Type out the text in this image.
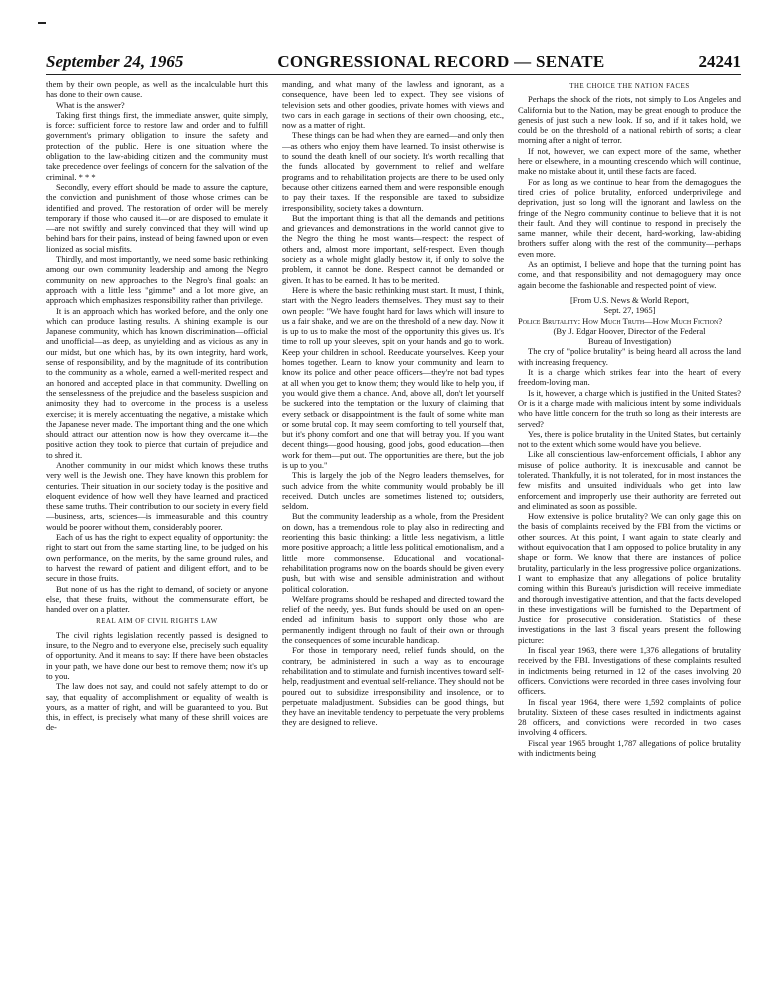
September 24, 1965	CONGRESSIONAL RECORD — SENATE	24241

them by their own people, as well as the incalculable hurt this has done to their own cause.

What is the answer?

Taking first things first, the immediate answer, quite simply, is force: sufficient force to restore law and order and to fulfill government's primary obligation to insure the safety and protection of the public. Here is one situation where the obligation to the law-abiding citizen and the community must take precedence over feelings of concern for the salvation of the criminal. * * *

Secondly, every effort should be made to assure the capture, the conviction and punishment of those whose crimes can be identified and proved. The restoration of order will be merely temporary if those who caused it—or are disposed to emulate it—are not swiftly and surely convinced that they will wind up behind bars for their pains, instead of being fawned upon or even lionized as social misfits.

Thirdly, and most importantly, we need some basic rethinking among our own community leadership and among the Negro community on new approaches to the Negro's final goals: an approach with a little less "gimme" and a lot more give, an approach which emphasizes responsibility rather than privilege.

It is an approach which has worked before, and the only one which can produce lasting results. A shining example is our Japanese community, which has known discrimination—official and unofficial—as deep, as unyielding and as vicious as any in our midst, but one which has, by its own integrity, hard work, sense of responsibility, and by the magnitude of its contribution to the community as a whole, earned a well-merited respect and an honored and accepted place in that community. Dwelling on the senselessness of the prejudice and the baseless suspicion and animosity they had to overcome in the process is a useless exercise; it is merely accentuating the negative, a mistake which the Japanese never made. The important thing and the one which should attract our attention now is how they overcame it—the positive action they took to pierce that curtain of prejudice and to shred it.

Another community in our midst which knows these truths very well is the Jewish one. They have known this problem for centuries. Their situation in our society today is the positive and eloquent evidence of how well they have learned and practiced these same truths. Their contribution to our society in every field—business, arts, sciences—is immeasurable and this country would be poorer without them, considerably poorer.

Each of us has the right to expect equality of opportunity: the right to start out from the same starting line, to be judged on his own performance, on the merits, by the same ground rules, and to harvest the reward of patient and diligent effort, and to be secure in those fruits.

But none of us has the right to demand, of society or anyone else, that these fruits, without the commensurate effort, be handed over on a platter.

REAL AIM OF CIVIL RIGHTS LAW

The civil rights legislation recently passed is designed to insure, to the Negro and to everyone else, precisely such equality of opportunity. And it means to say: If there have been obstacles in your path, we have done our best to remove them; now it's up to you.

The law does not say, and could not safely attempt to do or say, that equality of accomplishment or equality of wealth is yours, as a matter of right, and will be guaranteed to you. But this, in effect, is precisely what many of these shrill voices are de-

manding, and what many of the lawless and ignorant, as a consequence, have been led to expect. They see visions of television sets and other goodies, private homes with views and two cars in each garage in sections of their own choosing, etc., now as a matter of right.

These things can be had when they are earned—and only then—as others who enjoy them have learned. To insist otherwise is to sound the death knell of our society. It's worth recalling that the funds allocated by government to relief and welfare programs and to rehabilitation projects are there to be used only because other citizens earned them and were responsible enough to pay their taxes. If the responsible are taxed to subsidize irresponsibility, society takes a downturn.

But the important thing is that all the demands and petitions and grievances and demonstrations in the world cannot give to the Negro the thing he most wants—respect: the respect of others and, almost more important, self-respect. Even though society as a whole might gladly bestow it, if only to solve the problem, it cannot be done. Respect cannot be demanded or given. It has to be earned. It has to be merited.

Here is where the basic rethinking must start. It must, I think, start with the Negro leaders themselves. They must say to their own people: "We have fought hard for laws which will insure to us a fair shake, and we are on the threshold of a new day. Now it is up to us to make the most of the opportunity this gives us. It's time to roll up your sleeves, spit on your hands and go to work. Keep your children in school. Reeducate yourselves. Keep your homes together. Learn to know your community and learn to know its police and other peace officers—they're not bad types at all when you get to know them; they would like to help you, if you would give them a chance. And, above all, don't let yourself be suckered into the temptation or the luxury of claiming that every setback or disappointment is the fault of some white man or some brutal cop. It may seem comforting to tell yourself that, but it's phony comfort and one that will betray you. If you want decent things—good housing, good jobs, good education—then work for them—put out. The opportunities are there, but the job is up to you."

This is largely the job of the Negro leaders themselves, for such advice from the white community would probably be ill received. Dutch uncles are sometimes listened to; outsiders, seldom.

But the community leadership as a whole, from the President on down, has a tremendous role to play also in redirecting and reorienting this basic thinking: a little less negativism, a little more positive approach; a little less political emotionalism, and a little more commonsense. Educational and vocational-rehabilitation programs now on the boards should be given every push, but with wise and sensible administration and without political coloration.

Welfare programs should be reshaped and directed toward the relief of the needy, yes. But funds should be used on an open-ended ad infinitum basis to support only those who are permanently indigent through no fault of their own or through the consequences of some incurable handicap.

For those in temporary need, relief funds should, on the contrary, be administered in such a way as to encourage rehabilitation and to stimulate and furnish incentives toward self-help, readjustment and eventual self-reliance. They should not be poured out to subsidize irresponsibility and insolence, or to perpetuate maladjustment. Subsidies can be good things, but they have an inevitable tendency to perpetuate the very problems they are designed to relieve.

THE CHOICE THE NATION FACES

Perhaps the shock of the riots, not simply to Los Angeles and California but to the Nation, may be great enough to produce the genesis of just such a new look. If so, and if it takes hold, we could be on the threshold of a national rebirth of sorts; a clear morning after a night of terror.

If not, however, we can expect more of the same, whether here or elsewhere, in a mounting crescendo which will continue, make no mistake about it, until these facts are faced.

For as long as we continue to hear from the demagogues the tired cries of police brutality, enforced underprivilege and deprivation, just so long will the ignorant and lawless on the fringe of the Negro community continue to believe that it is not their fault. And they will continue to respond in precisely the same manner, while their decent, hard-working, law-abiding brothers suffer along with the rest of the community—perhaps even more.

As an optimist, I believe and hope that the turning point has come, and that responsibility and not demagoguery may once again become the fashionable and respected point of view.

[From U.S. News & World Report,

Sept. 27, 1965]

Police Brutality: How Much Truth—How Much Fiction?

(By J. Edgar Hoover, Director of the Federal

Bureau of Investigation)

The cry of "police brutality" is being heard all across the land with increasing frequency.

It is a charge which strikes fear into the heart of every freedom-loving man.

Is it, however, a charge which is justified in the United States? Or is it a charge made with malicious intent by some individuals who have little concern for the truth so long as their interests are served?

Yes, there is police brutality in the United States, but certainly not to the extent which some would have you believe.

Like all conscientious law-enforcement officials, I abhor any misuse of police authority. It is inexcusable and cannot be tolerated. Thankfully, it is not tolerated, for in most instances the few misfits and unsuited individuals who get into law enforcement and improperly use their authority are ferreted out and eliminated as soon as possible.

How extensive is police brutality? We can only gage this on the basis of complaints received by the FBI from the victims or other sources. At this point, I want again to state clearly and without equivocation that I am opposed to police brutality in any shape or form. We know that there are instances of police brutality, particularly in the less progressive police organizations. I want to emphasize that any allegations of police brutality coming within this Bureau's jurisdiction will receive immediate and thorough investigative attention, and that the facts developed in these investigations will be furnished to the Department of Justice for prosecutive consideration. Statistics of these investigations in the last 3 fiscal years present the following picture:

In fiscal year 1963, there were 1,376 allegations of brutality received by the FBI. Investigations of these complaints resulted in indictments being returned in 12 of the cases involving 20 officers. Convictions were recorded in three cases involving four officers.

In fiscal year 1964, there were 1,592 complaints of police brutality. Sixteen of these cases resulted in indictments against 28 officers, and convictions were recorded in two cases involving 4 officers.

Fiscal year 1965 brought 1,787 allegations of police brutality with indictments being
